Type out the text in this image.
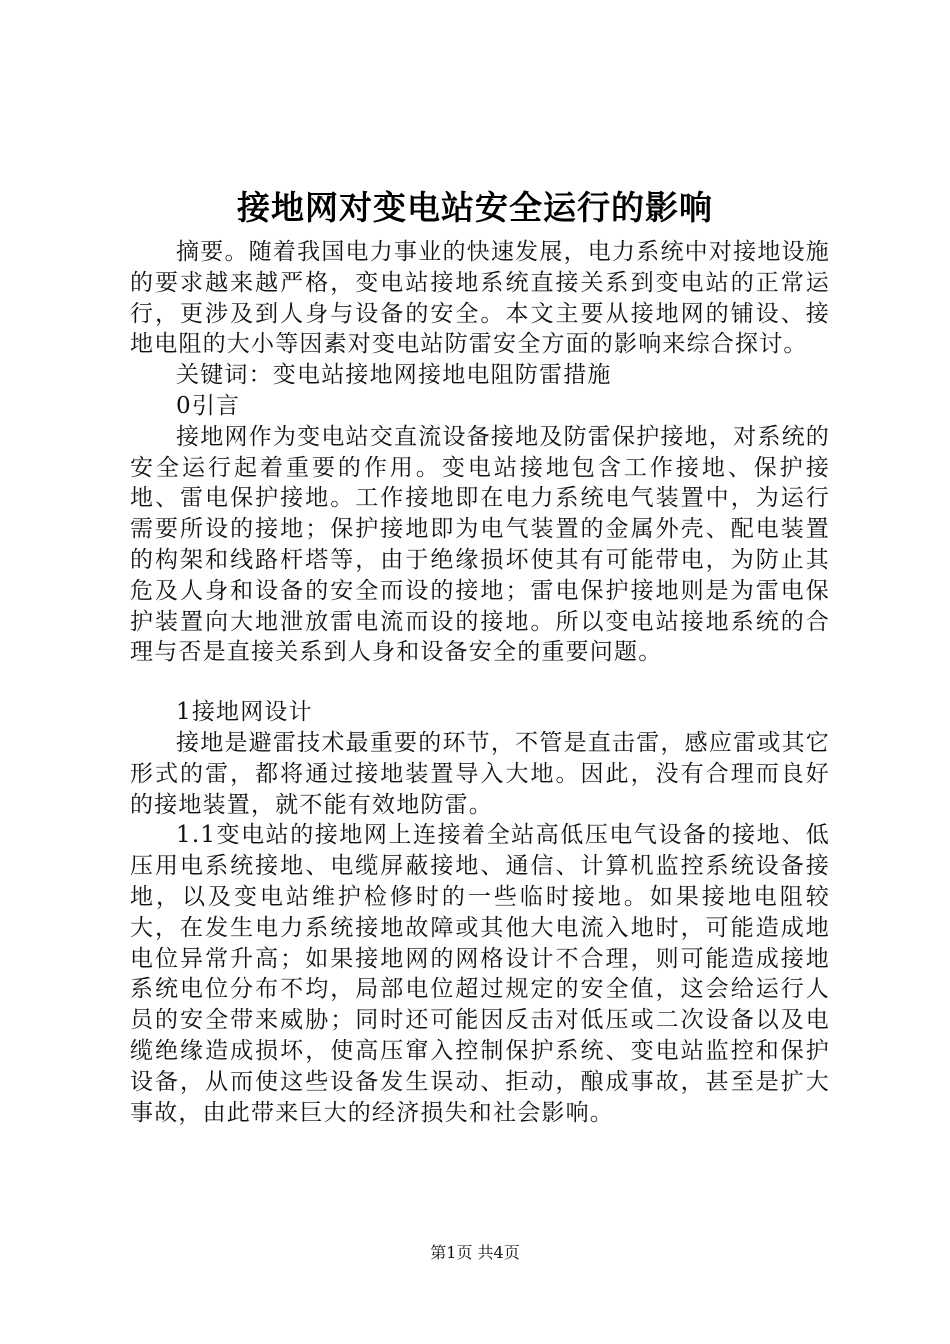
接地网对变电站安全运行的影响

摘要。随着我国电力事业的快速发展，电力系统中对接地设施的要求越来越严格，变电站接地系统直接关系到变电站的正常运行，更涉及到人身与设备的安全。本文主要从接地网的铺设、接地电阻的大小等因素对变电站防雷安全方面的影响来综合探讨。

关键词：变电站接地网接地电阻防雷措施

0引言

接地网作为变电站交直流设备接地及防雷保护接地，对系统的安全运行起着重要的作用。变电站接地包含工作接地、保护接地、雷电保护接地。工作接地即在电力系统电气装置中，为运行需要所设的接地；保护接地即为电气装置的金属外壳、配电装置的构架和线路杆塔等，由于绝缘损坏使其有可能带电，为防止其危及人身和设备的安全而设的接地；雷电保护接地则是为雷电保护装置向大地泄放雷电流而设的接地。所以变电站接地系统的合理与否是直接关系到人身和设备安全的重要问题。

1接地网设计

接地是避雷技术最重要的环节，不管是直击雷，感应雷或其它形式的雷，都将通过接地装置导入大地。因此，没有合理而良好的接地装置，就不能有效地防雷。

1.1变电站的接地网上连接着全站高低压电气设备的接地、低压用电系统接地、电缆屏蔽接地、通信、计算机监控系统设备接地，以及变电站维护检修时的一些临时接地。如果接地电阻较大，在发生电力系统接地故障或其他大电流入地时，可能造成地电位异常升高；如果接地网的网格设计不合理，则可能造成接地系统电位分布不均，局部电位超过规定的安全值，这会给运行人员的安全带来威胁；同时还可能因反击对低压或二次设备以及电缆绝缘造成损坏，使高压窜入控制保护系统、变电站监控和保护设备，从而使这些设备发生误动、拒动，酿成事故，甚至是扩大事故，由此带来巨大的经济损失和社会影响。

第1页 共4页
